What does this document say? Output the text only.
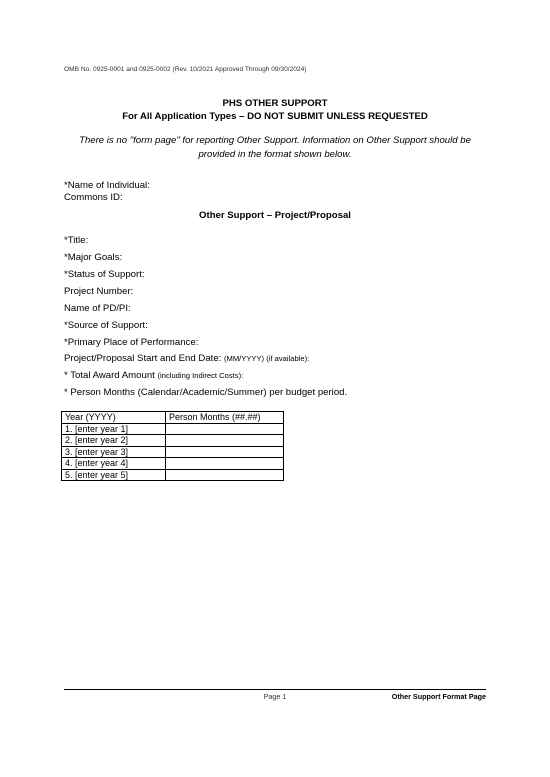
OMB No. 0925-0001 and 0925-0002 (Rev. 10/2021 Approved Through 09/30/2024)
PHS OTHER SUPPORT
For All Application Types – DO NOT SUBMIT UNLESS REQUESTED
There is no "form page" for reporting Other Support. Information on Other Support should be provided in the format shown below.
*Name of Individual:
Commons ID:
Other Support – Project/Proposal
*Title:
*Major Goals:
*Status of Support:
Project Number:
Name of PD/PI:
*Source of Support:
*Primary Place of Performance:
Project/Proposal Start and End Date: (MM/YYYY) (if available):
* Total Award Amount (including Indirect Costs):
* Person Months (Calendar/Academic/Summer) per budget period.
Year (YYYY)	Person Months (##.##)
1. [enter year 1]	
2. [enter year 2]	
3. [enter year 3]	
4. [enter year 4]	
5. [enter year 5]	
Page 1	Other Support Format Page
